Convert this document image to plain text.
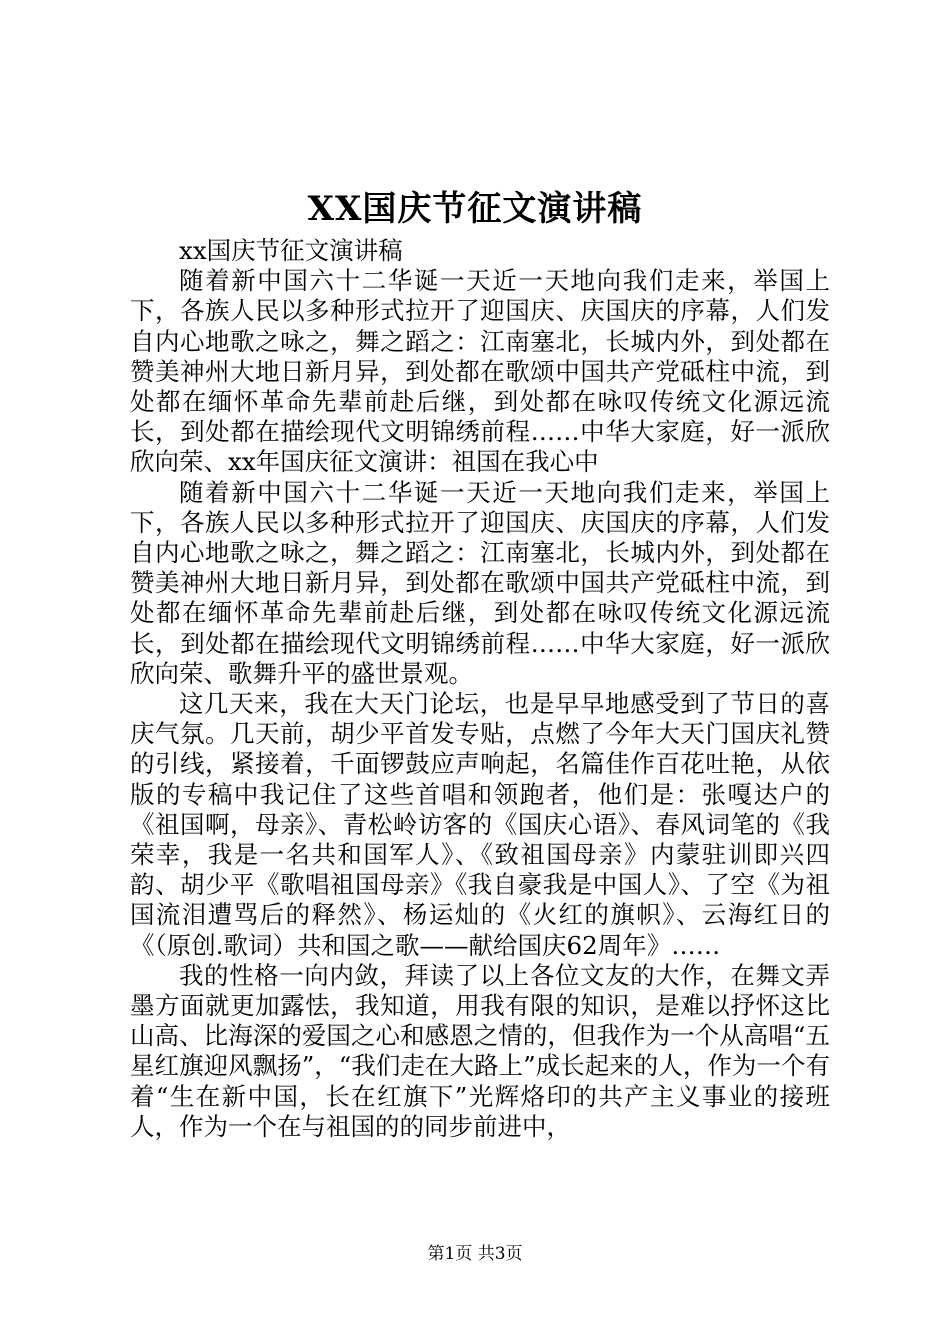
XX国庆节征文演讲稿

xx国庆节征文演讲稿

随着新中国六十二华诞一天近一天地向我们走来，举国上下，各族人民以多种形式拉开了迎国庆、庆国庆的序幕，人们发自内心地歌之咏之，舞之蹈之：江南塞北，长城内外，到处都在赞美神州大地日新月异，到处都在歌颂中国共产党砥柱中流，到处都在缅怀革命先辈前赴后继，到处都在咏叹传统文化源远流长，到处都在描绘现代文明锦绣前程……中华大家庭，好一派欣欣向荣、xx年国庆征文演讲：祖国在我心中

随着新中国六十二华诞一天近一天地向我们走来，举国上下，各族人民以多种形式拉开了迎国庆、庆国庆的序幕，人们发自内心地歌之咏之，舞之蹈之：江南塞北，长城内外，到处都在赞美神州大地日新月异，到处都在歌颂中国共产党砥柱中流，到处都在缅怀革命先辈前赴后继，到处都在咏叹传统文化源远流长，到处都在描绘现代文明锦绣前程……中华大家庭，好一派欣欣向荣、歌舞升平的盛世景观。

这几天来，我在大天门论坛，也是早早地感受到了节日的喜庆气氛。几天前，胡少平首发专贴，点燃了今年大天门国庆礼赞的引线，紧接着，千面锣鼓应声响起，名篇佳作百花吐艳，从依版的专稿中我记住了这些首唱和领跑者，他们是：张嘎达户的《祖国啊，母亲》、青松岭访客的《国庆心语》、春风词笔的《我荣幸，我是一名共和国军人》、《致祖国母亲》内蒙驻训即兴四韵、胡少平《歌唱祖国母亲》《我自豪我是中国人》、了空《为祖国流泪遭骂后的释然》、杨运灿的《火红的旗帜》、云海红日的《（原创.歌词）共和国之歌——献给国庆62周年》……

我的性格一向内敛，拜读了以上各位文友的大作，在舞文弄墨方面就更加露怯，我知道，用我有限的知识，是难以抒怀这比山高、比海深的爱国之心和感恩之情的，但我作为一个从高唱“五星红旗迎风飘扬”，“我们走在大路上”成长起来的人，作为一个有着“生在新中国，长在红旗下”光辉烙印的共产主义事业的接班人，作为一个在与祖国的的同步前进中，

第1页 共3页
